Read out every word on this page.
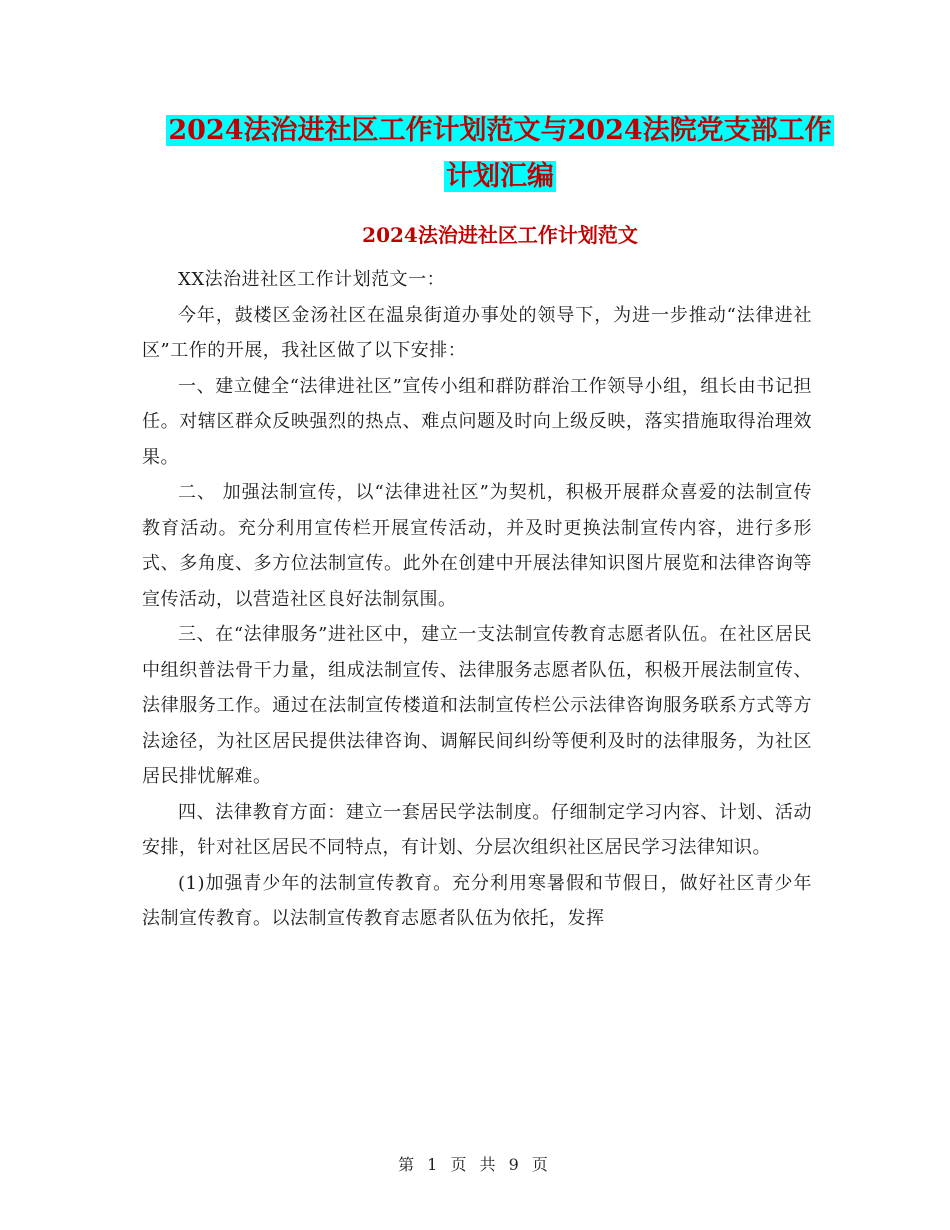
2024法治进社区工作计划范文与2024法院党支部工作
计划汇编
2024法治进社区工作计划范文

XX法治进社区工作计划范文一：

今年，鼓楼区金汤社区在温泉街道办事处的领导下，为进一步推动“法律进社区”工作的开展，我社区做了以下安排：

一、建立健全“法律进社区”宣传小组和群防群治工作领导小组，组长由书记担任。对辖区群众反映强烈的热点、难点问题及时向上级反映，落实措施取得治理效果。

二、 加强法制宣传，以“法律进社区”为契机，积极开展群众喜爱的法制宣传教育活动。充分利用宣传栏开展宣传活动，并及时更换法制宣传内容，进行多形式、多角度、多方位法制宣传。此外在创建中开展法律知识图片展览和法律咨询等宣传活动，以营造社区良好法制氛围。

三、在“法律服务”进社区中，建立一支法制宣传教育志愿者队伍。在社区居民中组织普法骨干力量，组成法制宣传、法律服务志愿者队伍，积极开展法制宣传、法律服务工作。通过在法制宣传楼道和法制宣传栏公示法律咨询服务联系方式等方法途径，为社区居民提供法律咨询、调解民间纠纷等便利及时的法律服务，为社区居民排忧解难。

四、法律教育方面：建立一套居民学法制度。仔细制定学习内容、计划、活动安排，针对社区居民不同特点，有计划、分层次组织社区居民学习法律知识。

(1)加强青少年的法制宣传教育。充分利用寒暑假和节假日，做好社区青少年法制宣传教育。以法制宣传教育志愿者队伍为依托，发挥

第 1 页 共 9 页
